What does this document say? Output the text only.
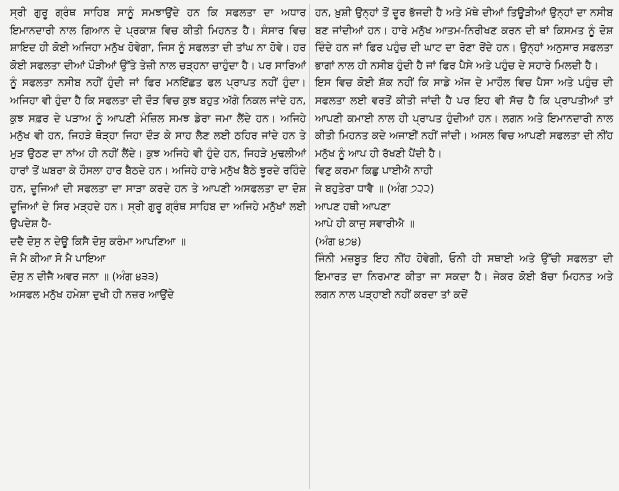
ਸ੍ਰੀ ਗੁਰੂ ਗ੍ਰੰਥ ਸਾਹਿਬ ਸਾਨੂੰ ਸਮਝਾਉਂਦੇ ਹਨ ਕਿ ਸਫਲਤਾ ਦਾ ਅਧਾਰ ਇਮਾਨਦਾਰੀ ਨਾਲ ਗਿਆਨ ਦੇ ਪ੍ਰਕਾਸ਼ ਵਿਚ ਕੀਤੀ ਮਿਹਨਤ ਹੈ। ਸੰਸਾਰ ਵਿਚ ਸ਼ਾਇਦ ਹੀ ਕੋਈ ਅਜਿਹਾ ਮਨੁੱਖ ਹੋਵੇਗਾ, ਜਿਸ ਨੂੰ ਸਫਲਤਾ ਦੀ ਤਾਂਘ ਨਾ ਹੋਵੇ। ਹਰ ਕੋਈ ਸਫਲਤਾ ਦੀਆਂ ਪੌੜੀਆਂ ਉੱਤੇ ਤੇਜ਼ੀ ਨਾਲ ਚੜ੍ਹਨਾ ਚਾਹੁੰਦਾ ਹੈ। ਪਰ ਸਾਰਿਆਂ ਨੂੰ ਸਫਲਤਾ ਨਸੀਬ ਨਹੀਂ ਹੁੰਦੀ ਜਾਂ ਫਿਰ ਮਨਇੱਛਤ ਫਲ ਪ੍ਰਾਪਤ ਨਹੀਂ ਹੁੰਦਾ। ਅਜਿਹਾ ਵੀ ਹੁੰਦਾ ਹੈ ਕਿ ਸਫਲਤਾ ਦੀ ਦੌੜ ਵਿਚ ਕੁਝ ਬਹੁਤ ਅੱਗੇ ਨਿਕਲ ਜਾਂਦੇ ਹਨ, ਕੁਝ ਸਫ਼ਰ ਦੇ ਪੜਾਅ ਨੂੰ ਆਪਣੀ ਮੰਜ਼ਿਲ ਸਮਝ ਡੇਰਾ ਜਮਾ ਲੈਂਦੇ ਹਨ। ਅਜਿਹੇ ਮਨੁੱਖ ਵੀ ਹਨ, ਜਿਹੜੇ ਥੋੜ੍ਹਾ ਜਿਹਾ ਦੌੜ ਕੇ ਸਾਹ ਲੈਣ ਲਈ ਠਹਿਰ ਜਾਂਦੇ ਹਨ ਤੇ ਮੁੜ ਉਠਣ ਦਾ ਨਾਂਅ ਹੀ ਨਹੀਂ ਲੈਂਦੇ। ਕੁਝ ਅਜਿਹੇ ਵੀ ਹੁੰਦੇ ਹਨ, ਜਿਹੜੇ ਮੁਢਲੀਆਂ ਹਾਰਾਂ ਤੋਂ ਘਬਰਾ ਕੇ ਹੌਸਲਾ ਹਾਰ ਬੈਠਦੇ ਹਨ। ਅਜਿਹੇ ਹਾਰੇ ਮਨੁੱਖ ਬੈਠੇ ਝੂਰਦੇ ਰਹਿੰਦੇ ਹਨ, ਦੂਜਿਆਂ ਦੀ ਸਫਲਤਾ ਦਾ ਸਾੜਾ ਕਰਦੇ ਹਨ ਤੇ ਆਪਣੀ ਅਸਫਲਤਾ ਦਾ ਦੋਸ਼ ਦੂਜਿਆਂ ਦੇ ਸਿਰ ਮੜ੍ਹਦੇ ਹਨ। ਸ੍ਰੀ ਗੁਰੂ ਗ੍ਰੰਥ ਸਾਹਿਬ ਦਾ ਅਜਿਹੇ ਮਨੁੱਖਾਂ ਲਈ ਉਪਦੇਸ਼ ਹੈ-

ਦਦੈ ਦੋਸੁ ਨ ਦੇਊ ਕਿਸੈ ਦੋਸੁ ਕਰੰਮਾ ਆਪਣਿਆ ॥
ਜੋ ਮੈ ਕੀਆ ਸੋ ਮੈ ਪਾਇਆ
ਦੋਸੁ ਨ ਦੀਜੈ ਅਵਰ ਜਨਾ ॥ (ਅੰਗ ੪੩੩)

ਅਸਫਲ ਮਨੁੱਖ ਹਮੇਸ਼ਾ ਦੁਖੀ ਹੀ ਨਜ਼ਰ ਆਉਂਦੇ

ਹਨ, ਖ਼ੁਸ਼ੀ ਉਨ੍ਹਾਂ ਤੋਂ ਦੂਰ ਭੱਜਦੀ ਹੈ ਅਤੇ ਮੱਥੇ ਦੀਆਂ ਤਿਊੜੀਆਂ ਉਨ੍ਹਾਂ ਦਾ ਨਸੀਬ ਬਣ ਜਾਂਦੀਆਂ ਹਨ। ਹਾਰੇ ਮਨੁੱਖ ਆਤਮ-ਨਿਰੀਖਣ ਕਰਨ ਦੀ ਥਾਂ ਕਿਸਮਤ ਨੂੰ ਦੋਸ਼ ਦਿੰਦੇ ਹਨ ਜਾਂ ਫਿਰ ਪਹੁੰਚ ਦੀ ਘਾਟ ਦਾ ਰੋਣਾ ਰੋਂਦੇ ਹਨ। ਉਨ੍ਹਾਂ ਅਨੁਸਾਰ ਸਫਲਤਾ ਭਾਗਾਂ ਨਾਲ ਹੀ ਨਸੀਬ ਹੁੰਦੀ ਹੈ ਜਾਂ ਫਿਰ ਪੈਸੇ ਅਤੇ ਪਹੁੰਚ ਦੇ ਸਹਾਰੇ ਮਿਲਦੀ ਹੈ।

ਇਸ ਵਿਚ ਕੋਈ ਸ਼ੱਕ ਨਹੀਂ ਕਿ ਸਾਡੇ ਅੱਜ ਦੇ ਮਾਹੌਲ ਵਿਚ ਪੈਸਾ ਅਤੇ ਪਹੁੰਚ ਦੀ ਸਫਲਤਾ ਲਈ ਵਰਤੋਂ ਕੀਤੀ ਜਾਂਦੀ ਹੈ ਪਰ ਇਹ ਵੀ ਸੱਚ ਹੈ ਕਿ ਪ੍ਰਾਪਤੀਆਂ ਤਾਂ ਆਪਣੀ ਕਮਾਈ ਨਾਲ ਹੀ ਪ੍ਰਾਪਤ ਹੁੰਦੀਆਂ ਹਨ। ਲਗਨ ਅਤੇ ਇਮਾਨਦਾਰੀ ਨਾਲ ਕੀਤੀ ਮਿਹਨਤ ਕਦੇ ਅਜਾਈਂ ਨਹੀਂ ਜਾਂਦੀ। ਅਸਲ ਵਿਚ ਆਪਣੀ ਸਫਲਤਾ ਦੀ ਨੀਂਹ ਮਨੁੱਖ ਨੂੰ ਆਪ ਹੀ ਰੱਖਣੀ ਪੈਂਦੀ ਹੈ।

ਵਿਣੁ ਕਰਮਾ ਕਿਛੁ ਪਾਈਐ ਨਾਹੀ
ਜੇ ਬਹੁਤੇਰਾ ਧਾਵੈ ॥ (ਅੰਗ ੭੨੨)
ਆਪਣ ਹਥੀ ਆਪਣਾ
ਆਪੇ ਹੀ ਕਾਜੁ ਸਵਾਰੀਐ ॥
(ਅੰਗ ੪੭੪)

ਜਿੰਨੀ ਮਜ਼ਬੂਤ ਇਹ ਨੀਂਹ ਹੋਵੇਗੀ, ਓਨੀ ਹੀ ਸਥਾਈ ਅਤੇ ਉੱਚੀ ਸਫਲਤਾ ਦੀ ਇਮਾਰਤ ਦਾ ਨਿਰਮਾਣ ਕੀਤਾ ਜਾ ਸਕਦਾ ਹੈ। ਜੇਕਰ ਕੋਈ ਬੱਚਾ ਮਿਹਨਤ ਅਤੇ ਲਗਨ ਨਾਲ ਪੜ੍ਹਾਈ ਨਹੀਂ ਕਰਦਾ ਤਾਂ ਕਦੋਂ
